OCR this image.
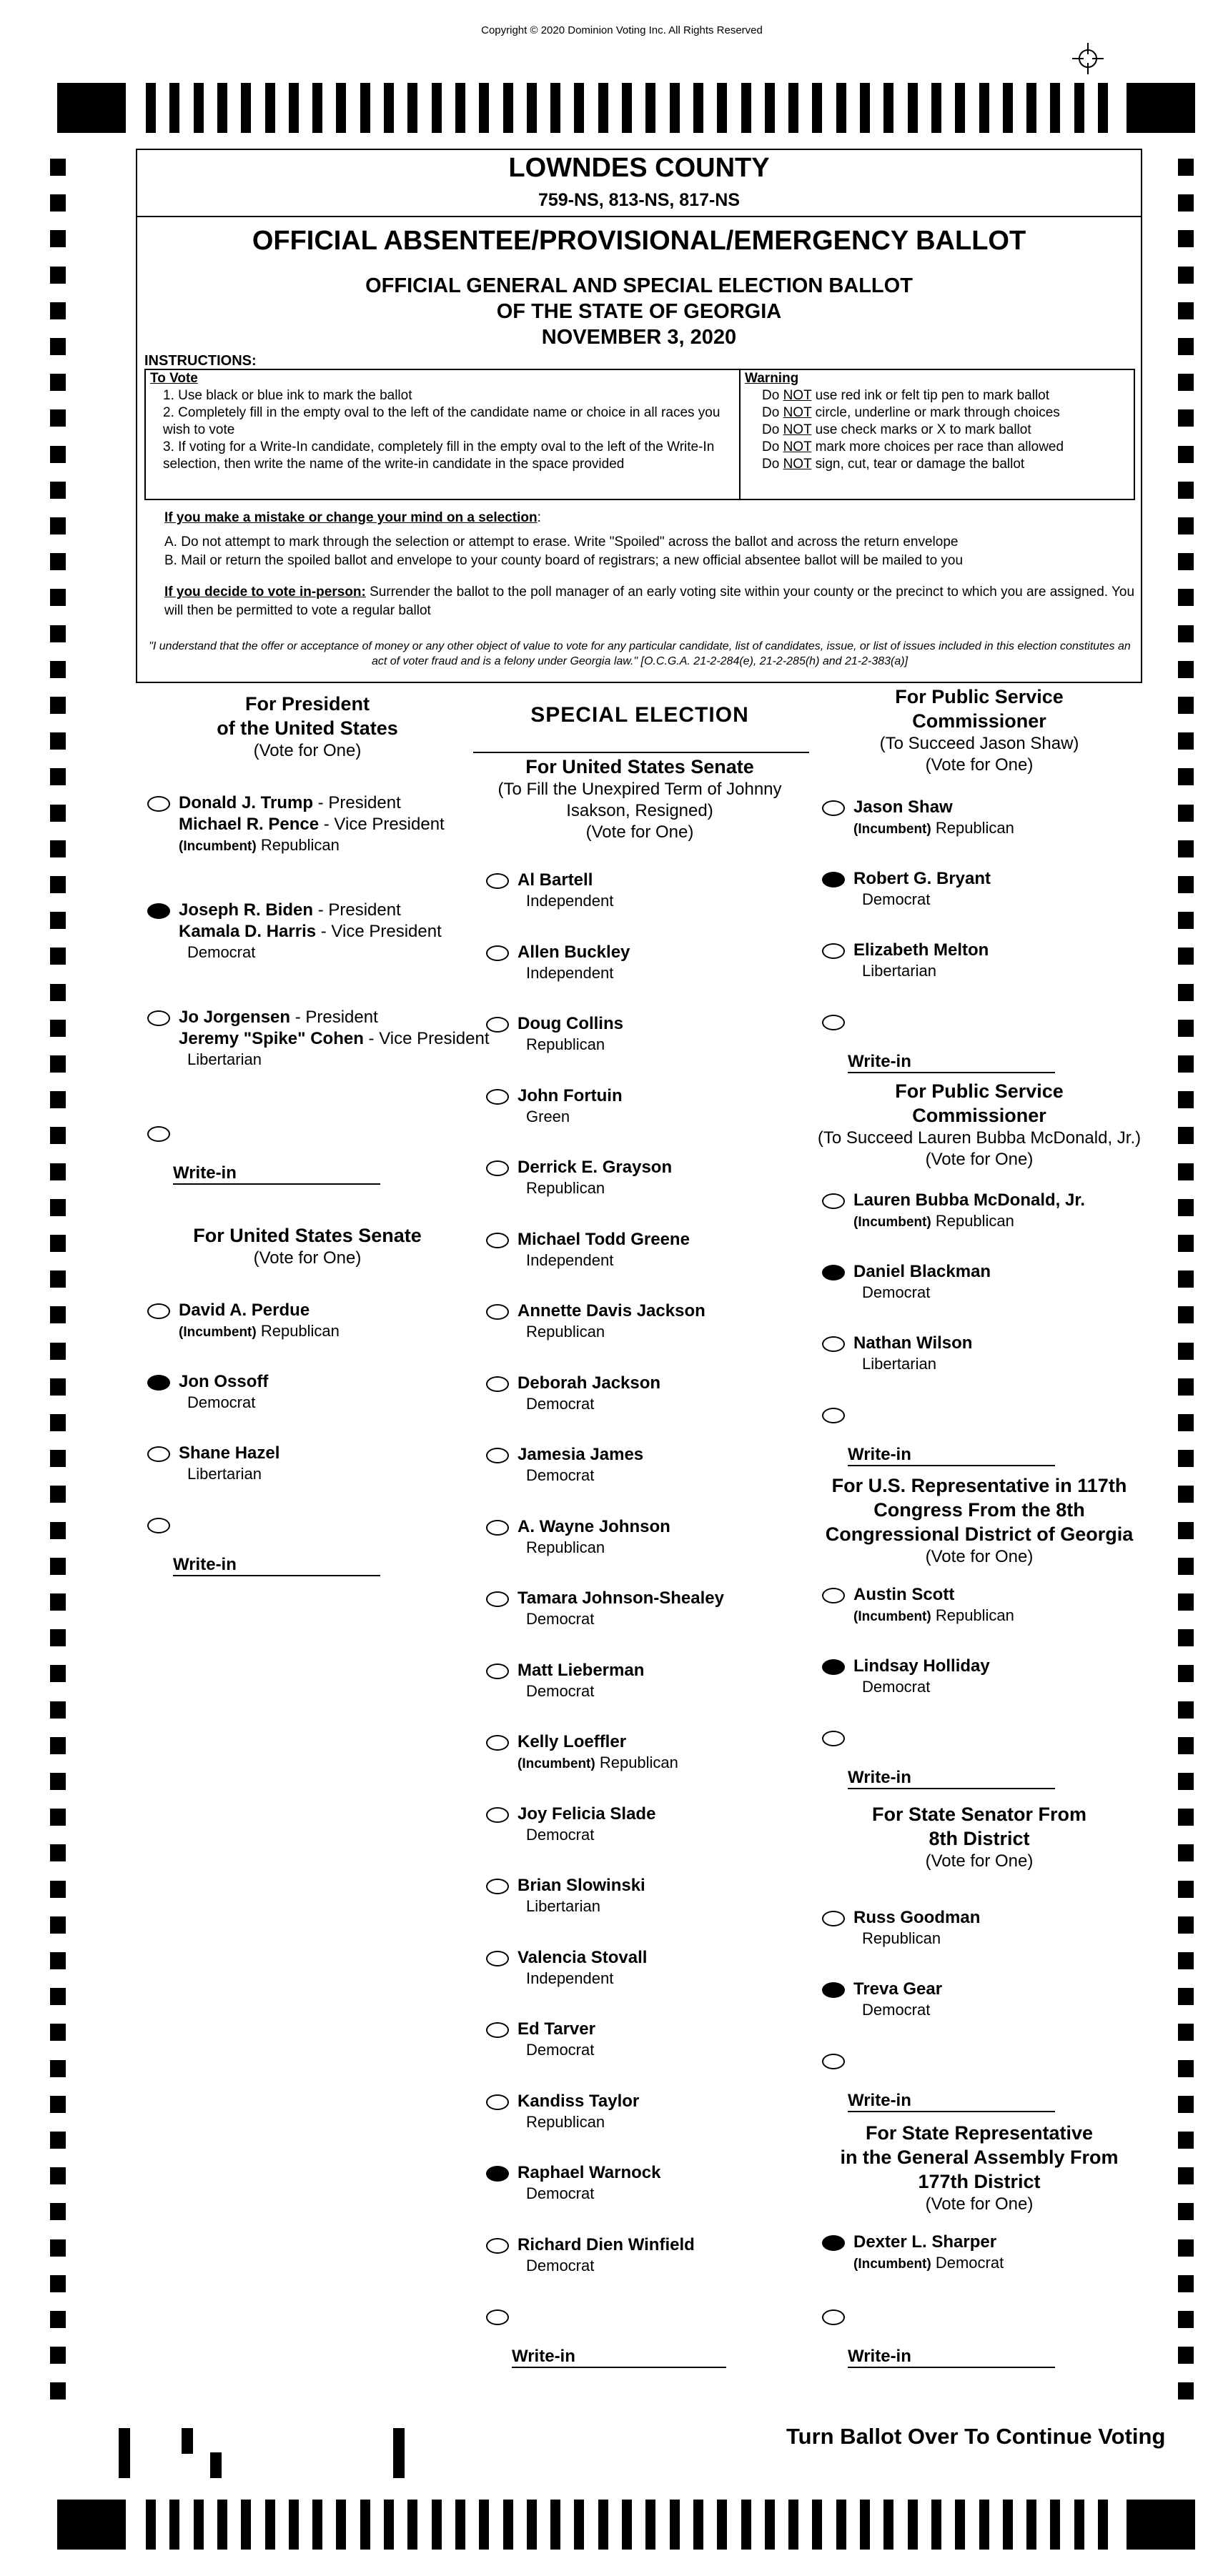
Copyright © 2020 Dominion Voting Inc. All Rights Reserved
LOWNDES COUNTY
759-NS, 813-NS, 817-NS
OFFICIAL ABSENTEE/PROVISIONAL/EMERGENCY BALLOT
OFFICIAL GENERAL AND SPECIAL ELECTION BALLOT
OF THE STATE OF GEORGIA
NOVEMBER 3, 2020
INSTRUCTIONS:
To Vote
1. Use black or blue ink to mark the ballot
2. Completely fill in the empty oval to the left of the candidate name or choice in all races you wish to vote
3. If voting for a Write-In candidate, completely fill in the empty oval to the left of the Write-In selection, then write the name of the write-in candidate in the space provided
Warning
Do NOT use red ink or felt tip pen to mark ballot
Do NOT circle, underline or mark through choices
Do NOT use check marks or X to mark ballot
Do NOT mark more choices per race than allowed
Do NOT sign, cut, tear or damage the ballot

If you make a mistake or change your mind on a selection:

A. Do not attempt to mark through the selection or attempt to erase. Write "Spoiled" across the ballot and across the return envelope

B. Mail or return the spoiled ballot and envelope to your county board of registrars; a new official absentee ballot will be mailed to you

If you decide to vote in-person: Surrender the ballot to the poll manager of an early voting site within your county or the precinct to which you are assigned. You will then be permitted to vote a regular ballot

"I understand that the offer or acceptance of money or any other object of value to vote for any particular candidate, list of candidates, issue, or list of issues included in this election constitutes an act of voter fraud and is a felony under Georgia law." [O.C.G.A. 21-2-284(e), 21-2-285(h) and 21-2-383(a)]
For President
of the United States
(Vote for One)
Donald J. Trump - President
Michael R. Pence - Vice President
(Incumbent) Republican
Joseph R. Biden - President
Kamala D. Harris - Vice President
Democrat
Jo Jorgensen - President
Jeremy "Spike" Cohen - Vice President
Libertarian
Write-in
For United States Senate
(Vote for One)
David A. Perdue
(Incumbent) Republican
Jon Ossoff
Democrat
Shane Hazel
Libertarian
Write-in
SPECIAL ELECTION
For United States Senate
(To Fill the Unexpired Term of Johnny
Isakson, Resigned)
(Vote for One)
Al Bartell
Independent
Allen Buckley
Independent
Doug Collins
Republican
John Fortuin
Green
Derrick E. Grayson
Republican
Michael Todd Greene
Independent
Annette Davis Jackson
Republican
Deborah Jackson
Democrat
Jamesia James
Democrat
A. Wayne Johnson
Republican
Tamara Johnson-Shealey
Democrat
Matt Lieberman
Democrat
Kelly Loeffler
(Incumbent) Republican
Joy Felicia Slade
Democrat
Brian Slowinski
Libertarian
Valencia Stovall
Independent
Ed Tarver
Democrat
Kandiss Taylor
Republican
Raphael Warnock
Democrat
Richard Dien Winfield
Democrat
Write-in
For Public Service
Commissioner
(To Succeed Jason Shaw)
(Vote for One)
Jason Shaw
(Incumbent) Republican
Robert G. Bryant
Democrat
Elizabeth Melton
Libertarian
Write-in
For Public Service
Commissioner
(To Succeed Lauren Bubba McDonald, Jr.)
(Vote for One)
Lauren Bubba McDonald, Jr.
(Incumbent) Republican
Daniel Blackman
Democrat
Nathan Wilson
Libertarian
Write-in
For U.S. Representative in 117th
Congress From the 8th
Congressional District of Georgia
(Vote for One)
Austin Scott
(Incumbent) Republican
Lindsay Holliday
Democrat
Write-in
For State Senator From
8th District
(Vote for One)
Russ Goodman
Republican
Treva Gear
Democrat
Write-in
For State Representative
in the General Assembly From
177th District
(Vote for One)
Dexter L. Sharper
(Incumbent) Democrat
Write-in
Turn Ballot Over To Continue Voting
